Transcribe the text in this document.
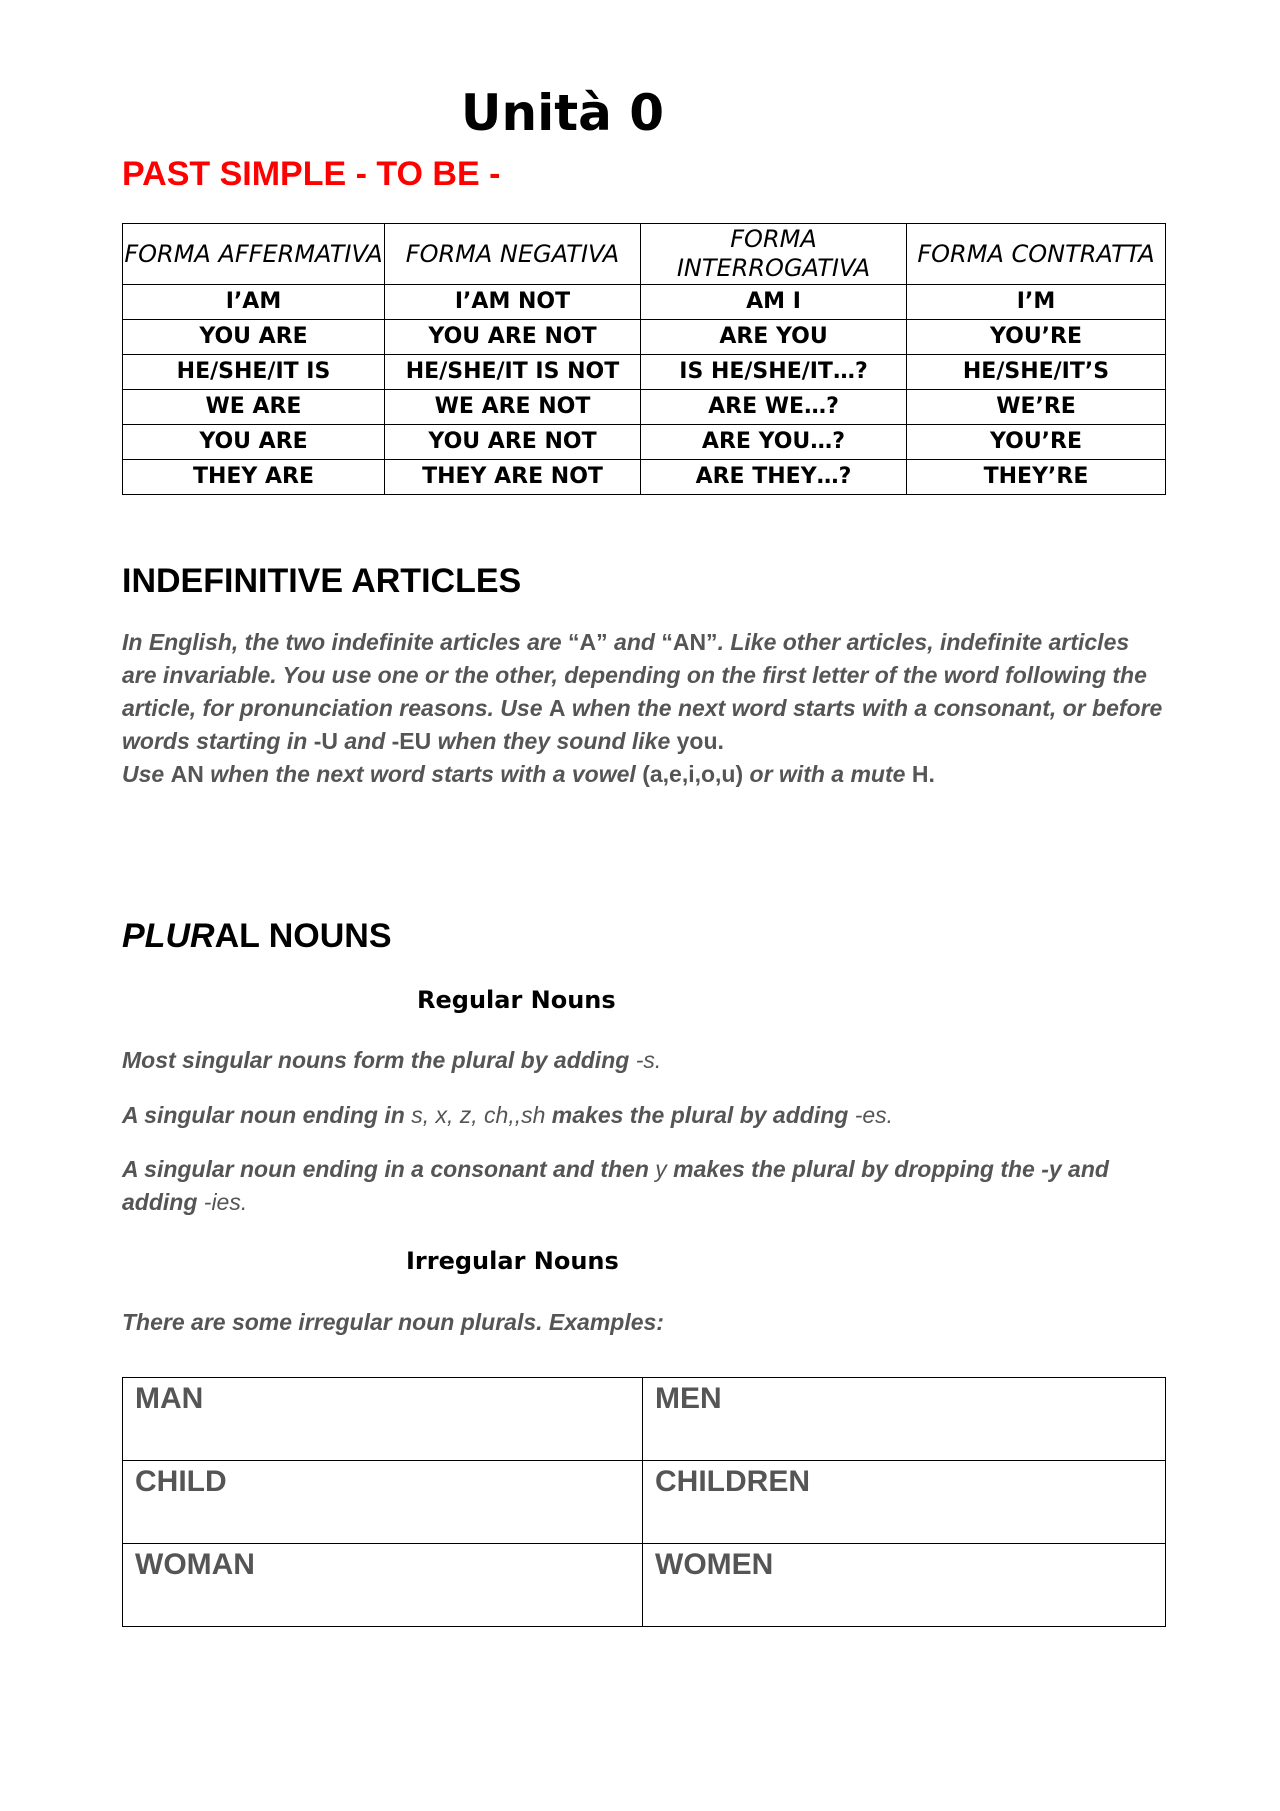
Unità 0
PAST SIMPLE - TO BE -
FORMA AFFERMATIVA	FORMA NEGATIVA	FORMA INTERROGATIVA	FORMA CONTRATTA
I’AM	I’AM NOT	AM I	I’M
YOU ARE	YOU ARE NOT	ARE YOU	YOU’RE
HE/SHE/IT IS	HE/SHE/IT IS NOT	IS HE/SHE/IT…?	HE/SHE/IT’S
WE ARE	WE ARE NOT	ARE WE…?	WE’RE
YOU ARE	YOU ARE NOT	ARE YOU…?	YOU’RE
THEY ARE	THEY ARE NOT	ARE THEY…?	THEY’RE
INDEFINITIVE ARTICLES

In English, the two indefinite articles are “A” and “AN”. Like other articles, indefinite articles are invariable. You use one or the other, depending on the first letter of the word following the article, for pronunciation reasons. Use A when the next word starts with a consonant, or before words starting in -U and -EU when they sound like you.
Use AN when the next word starts with a vowel (a,e,i,o,u) or with a mute H.

PLURAL NOUNS
Regular Nouns

Most singular nouns form the plural by adding -s.

A singular noun ending in s, x, z, ch,,sh makes the plural by adding -es.

A singular noun ending in a consonant and then y makes the plural by dropping the -y and adding -ies.

Irregular Nouns

There are some irregular noun plurals. Examples:

MAN	MEN
CHILD	CHILDREN
WOMAN	WOMEN
